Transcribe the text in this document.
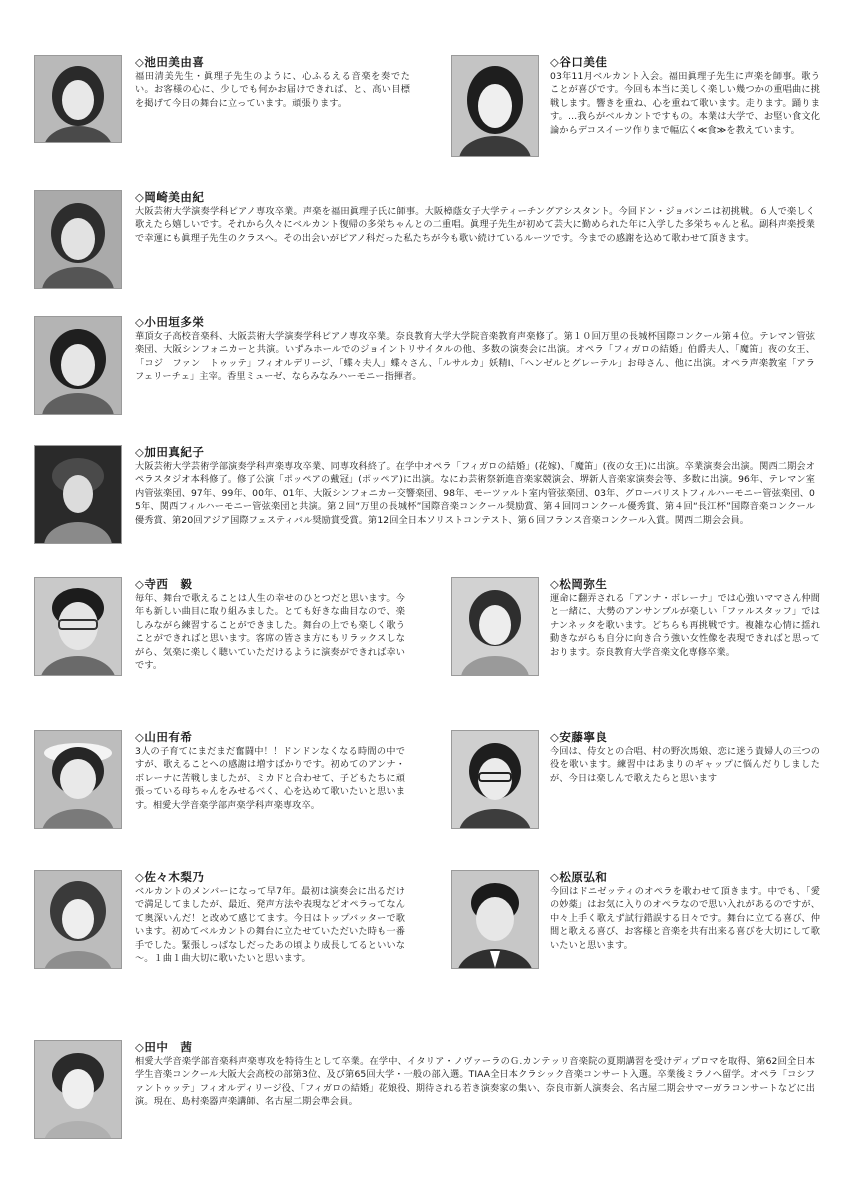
◇池田美由喜

福田清美先生・眞理子先生のように、心ふるえる音楽を奏でたい。お客様の心に、少しでも何かお届けできれば、と、高い目標を掲げて今日の舞台に立っています。頑張ります。

◇谷口美佳

03年11月ベルカント入会。福田眞理子先生に声楽を師事。歌うことが喜びです。今回も本当に美しく楽しい幾つかの重唱曲に挑戦します。響きを重ね、心を重ねて歌います。走ります。踊ります。…我らがベルカントですもの。本業は大学で、お堅い食文化論からデコスイーツ作りまで幅広く≪食≫を教えています。

◇岡崎美由紀

大阪芸術大学演奏学科ピアノ専攻卒業。声楽を福田眞理子氏に師事。大阪樟蔭女子大学ティーチングアシスタント。今回ドン・ジョバンニは初挑戦。６人で楽しく歌えたら嬉しいです。それから久々にベルカント復帰の多栄ちゃんとの二重唱。眞理子先生が初めて芸大に勤められた年に入学した多栄ちゃんと私。副科声楽授業で幸運にも眞理子先生のクラスへ。その出会いがピアノ科だった私たちが今も歌い続けているルーツです。今までの感謝を込めて歌わせて頂きます。

◇小田垣多栄

華頂女子高校音楽科、大阪芸術大学演奏学科ピアノ専攻卒業。奈良教育大学大学院音楽教育声楽修了。第１０回万里の長城杯国際コンクール第４位。テレマン管弦楽団、大阪シンフォニカーと共演。いずみホールでのジョイントリサイタルの他、多数の演奏会に出演。オペラ「フィガロの結婚」伯爵夫人、「魔笛」夜の女王、「コジ　ファン　トゥッテ」フィオルデリージ、「蝶々夫人」蝶々さん、「ルサルカ」妖精Ⅰ、「ヘンゼルとグレーテル」お母さん、他に出演。オペラ声楽教室「アラフェリーチェ」主宰。香里ミューゼ、ならみなみハーモニー指揮者。

◇加田真紀子

大阪芸術大学芸術学部演奏学科声楽専攻卒業、同専攻科終了。在学中オペラ「フィガロの結婚」(花嫁)、「魔笛」(夜の女王)に出演。卒業演奏会出演。関西二期会オペラスタジオ本科修了。修了公演「ポッペアの戴冠」(ポッペア)に出演。なにわ芸術祭新進音楽家競演会、堺新人音楽家演奏会等、多数に出演。96年、テレマン室内管弦楽団、97年、99年、00年、01年、大阪シンフォニカー交響楽団、98年、モーツァルト室内管弦楽団、03年、グローバリストフィルハーモニー管弦楽団、05年、関西フィルハーモニー管弦楽団と共演。第２回“万里の長城杯”国際音楽コンクール奨励賞、第４回同コンクール優秀賞、第４回“長江杯”国際音楽コンクール優秀賞、第20回アジア国際フェスティバル奨励賞受賞。第12回全日本ソリストコンテスト、第６回フランス音楽コンクール入賞。関西二期会会員。

◇寺西　毅

毎年、舞台で歌えることは人生の幸せのひとつだと思います。今年も新しい曲目に取り組みました。とても好きな曲目なので、楽しみながら練習することができました。舞台の上でも楽しく歌うことができればと思います。客席の皆さま方にもリラックスしながら、気楽に楽しく聴いていただけるように演奏ができれば幸いです。

◇松岡弥生

運命に翻弄される「アンナ・ボレーナ」では心強いママさん仲間と一緒に、大勢のアンサンブルが楽しい「ファルスタッフ」ではナンネッタを歌います。どちらも再挑戦です。複雑な心情に揺れ動きながらも自分に向き合う強い女性像を表現できればと思っております。奈良教育大学音楽文化専修卒業。

◇山田有希

3人の子育てにまだまだ奮闘中！！ドンドンなくなる時間の中ですが、歌えることへの感謝は増すばかりです。初めてのアンナ・ボレーナに苦戦しましたが、ミカドと合わせて、子どもたちに頑張っている母ちゃんをみせるべく、心を込めて歌いたいと思います。相愛大学音楽学部声楽学科声楽専攻卒。

◇安藤寧良

今回は、侍女との合唱、村の野次馬娘、恋に迷う貴婦人の三つの役を歌います。練習中はあまりのギャップに悩んだりしましたが、今日は楽しんで歌えたらと思います

◇佐々木梨乃

ベルカントのメンバーになって早7年。最初は演奏会に出るだけで満足してましたが、最近、発声方法や表現などオペラってなんて奥深いんだ！と改めて感じてます。今日はトップバッターで歌います。初めてベルカントの舞台に立たせていただいた時も一番手でした。緊張しっぱなしだったあの頃より成長してるといいな～。１曲１曲大切に歌いたいと思います。

◇松原弘和

今回はドニゼッティのオペラを歌わせて頂きます。中でも、「愛の妙薬」はお気に入りのオペラなので思い入れがあるのですが、中々上手く歌えず試行錯誤する日々です。舞台に立てる喜び、仲間と歌える喜び、お客様と音楽を共有出来る喜びを大切にして歌いたいと思います。

◇田中　茜

相愛大学音楽学部音楽科声楽専攻を特待生として卒業。在学中、イタリア・ノヴァーラのＧ.カンテッリ音楽院の夏期講習を受けディプロマを取得、第62回全日本学生音楽コンクール大阪大会高校の部第3位、及び第65回大学・一般の部入選。TIAA全日本クラシック音楽コンサート入選。卒業後ミラノへ留学。オペラ「コシファントゥッテ」フィオルディリージ役、「フィガロの結婚」花娘役、期待される若き演奏家の集い、奈良市新人演奏会、名古屋二期会サマーガラコンサートなどに出演。現在、島村楽器声楽講師、名古屋二期会準会員。
